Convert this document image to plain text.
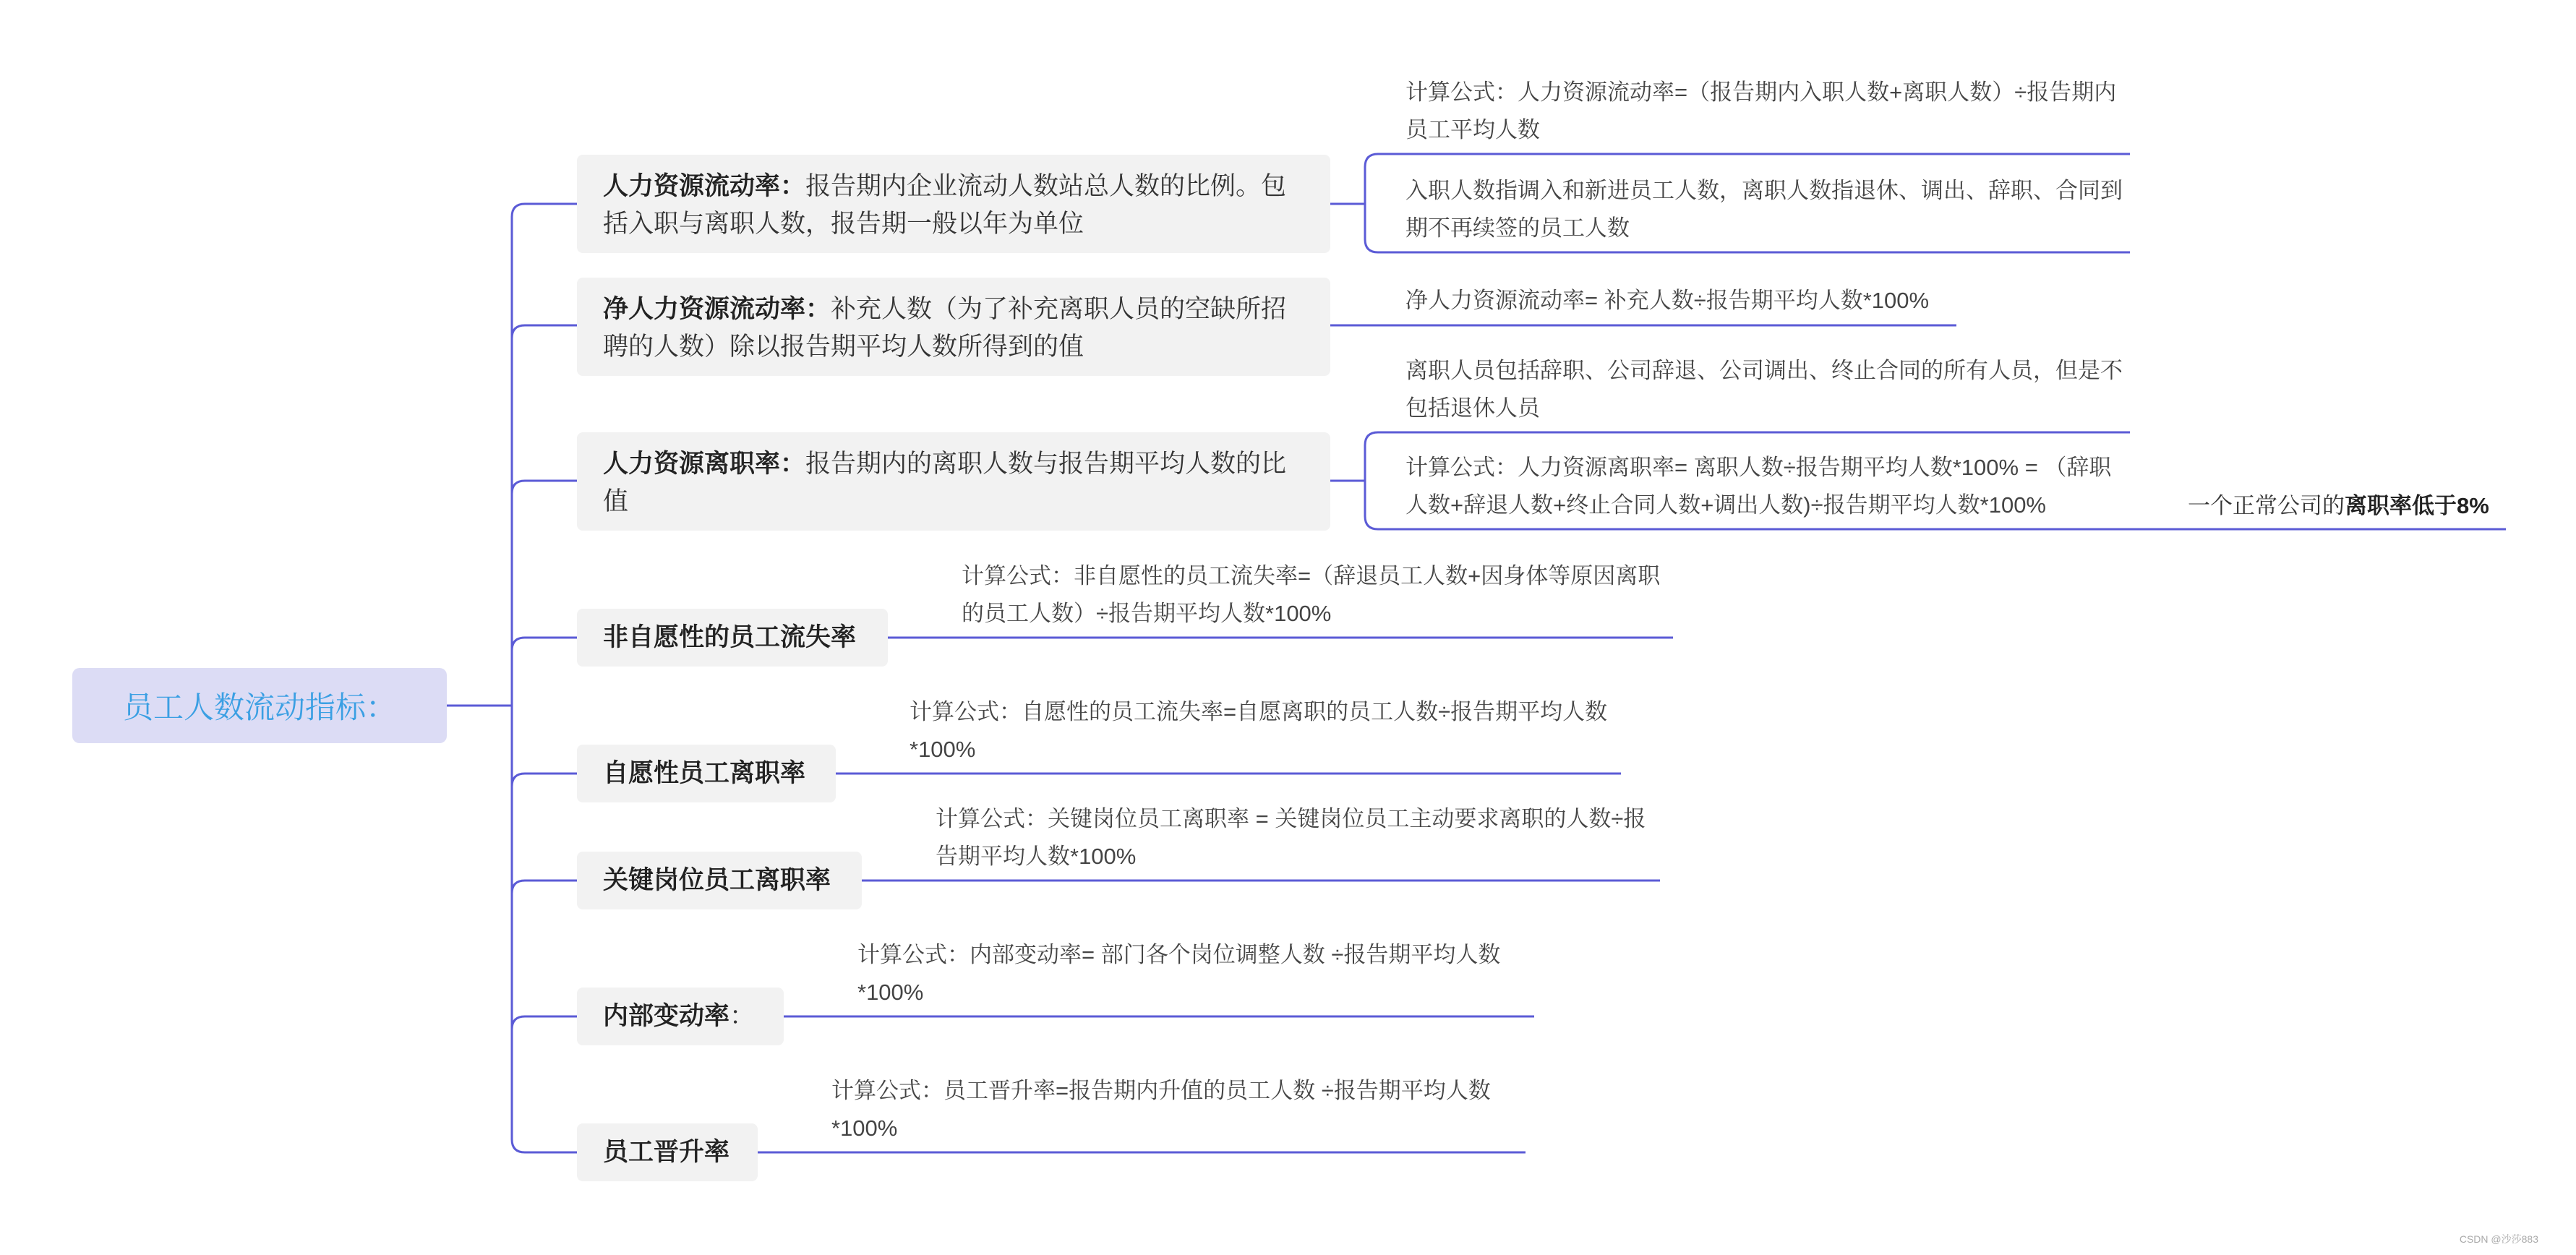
员工人数流动指标：
人力资源流动率：报告期内企业流动人数站总人数的比例。包括入职与离职人数，报告期一般以年为单位
净人力资源流动率：补充人数（为了补充离职人员的空缺所招聘的人数）除以报告期平均人数所得到的值
人力资源离职率：报告期内的离职人数与报告期平均人数的比值
非自愿性的员工流失率
自愿性员工离职率
关键岗位员工离职率
内部变动率：
员工晋升率
计算公式：人力资源流动率=（报告期内入职人数+离职人数）÷报告期内员工平均人数
入职人数指调入和新进员工人数，离职人数指退休、调出、辞职、合同到期不再续签的员工人数
净人力资源流动率= 补充人数÷报告期平均人数*100%
离职人员包括辞职、公司辞退、公司调出、终止合同的所有人员，但是不包括退休人员
计算公式：人力资源离职率= 离职人数÷报告期平均人数*100% = （辞职人数+辞退人数+终止合同人数+调出人数)÷报告期平均人数*100%
计算公式：非自愿性的员工流失率=（辞退员工人数+因身体等原因离职的员工人数）÷报告期平均人数*100%
计算公式：自愿性的员工流失率=自愿离职的员工人数÷报告期平均人数*100%
计算公式：关键岗位员工离职率 = 关键岗位员工主动要求离职的人数÷报告期平均人数*100%
计算公式：内部变动率= 部门各个岗位调整人数 ÷报告期平均人数*100%
计算公式：员工晋升率=报告期内升值的员工人数 ÷报告期平均人数*100%
一个正常公司的离职率低于8%
CSDN @沙莎883
